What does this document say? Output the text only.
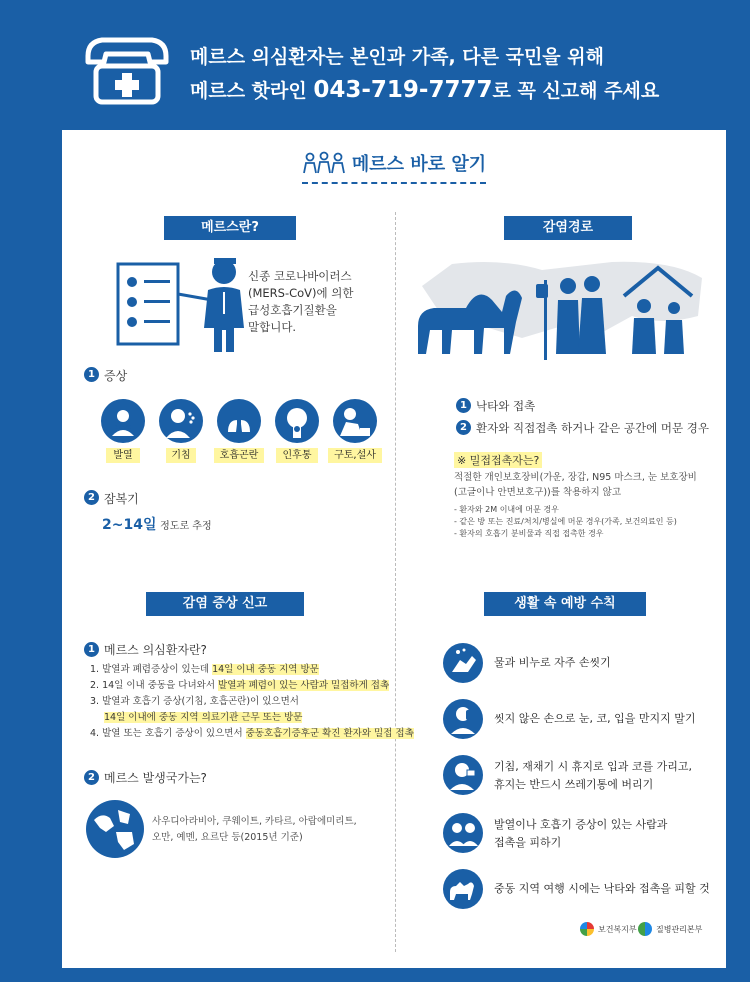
메르스 의심환자는 본인과 가족, 다른 국민을 위해
메르스 핫라인 043-719-7777로 꼭 신고해 주세요
메르스 바로 알기
메르스란?
신종 코로나바이러스
(MERS-CoV)에 의한
급성호흡기질환을
말합니다.
1 증상
37.5℃
발열	기침	호흡곤란	인후통	구토,설사
2 잠복기
2~14일 정도로 추정
감염경로
1 낙타와 접촉
2 환자와 직접접촉 하거나 같은 공간에 머문 경우
※ 밀접접촉자는?
적절한 개인보호장비(가운, 장갑, N95 마스크, 눈 보호장비
(고글이나 안면보호구))를 착용하지 않고
- 환자와 2M 이내에 머문 경우
- 같은 방 또는 진료/처치/병실에 머문 경우(가족, 보건의료인 등)
- 환자의 호흡기 분비물과 직접 접촉한 경우
감염 증상 신고
1 메르스 의심환자란?
1. 발열과 폐렴증상이 있는데 14일 이내 중동 지역 방문
2. 14일 이내 중동을 다녀와서 발열과 폐렴이 있는 사람과 밀접하게 접촉
3. 발열과 호흡기 증상(기침, 호흡곤란)이 있으면서
14일 이내에 중동 지역 의료기관 근무 또는 방문
4. 발열 또는 호흡기 증상이 있으면서 중동호흡기증후군 확진 환자와 밀접 접촉
2 메르스 발생국가는?
사우디아라비아, 쿠웨이트, 카타르, 아랍에미리트,
오만, 예멘, 요르단 등(2015년 기준)
생활 속 예방 수칙
물과 비누로 자주 손씻기
씻지 않은 손으로 눈, 코, 입을 만지지 말기
기침, 재채기 시 휴지로 입과 코를 가리고,
휴지는 반드시 쓰레기통에 버리기
발열이나 호흡기 증상이 있는 사람과
접촉을 피하기
중동 지역 여행 시에는 낙타와 접촉을 피할 것
보건복지부 질병관리본부
